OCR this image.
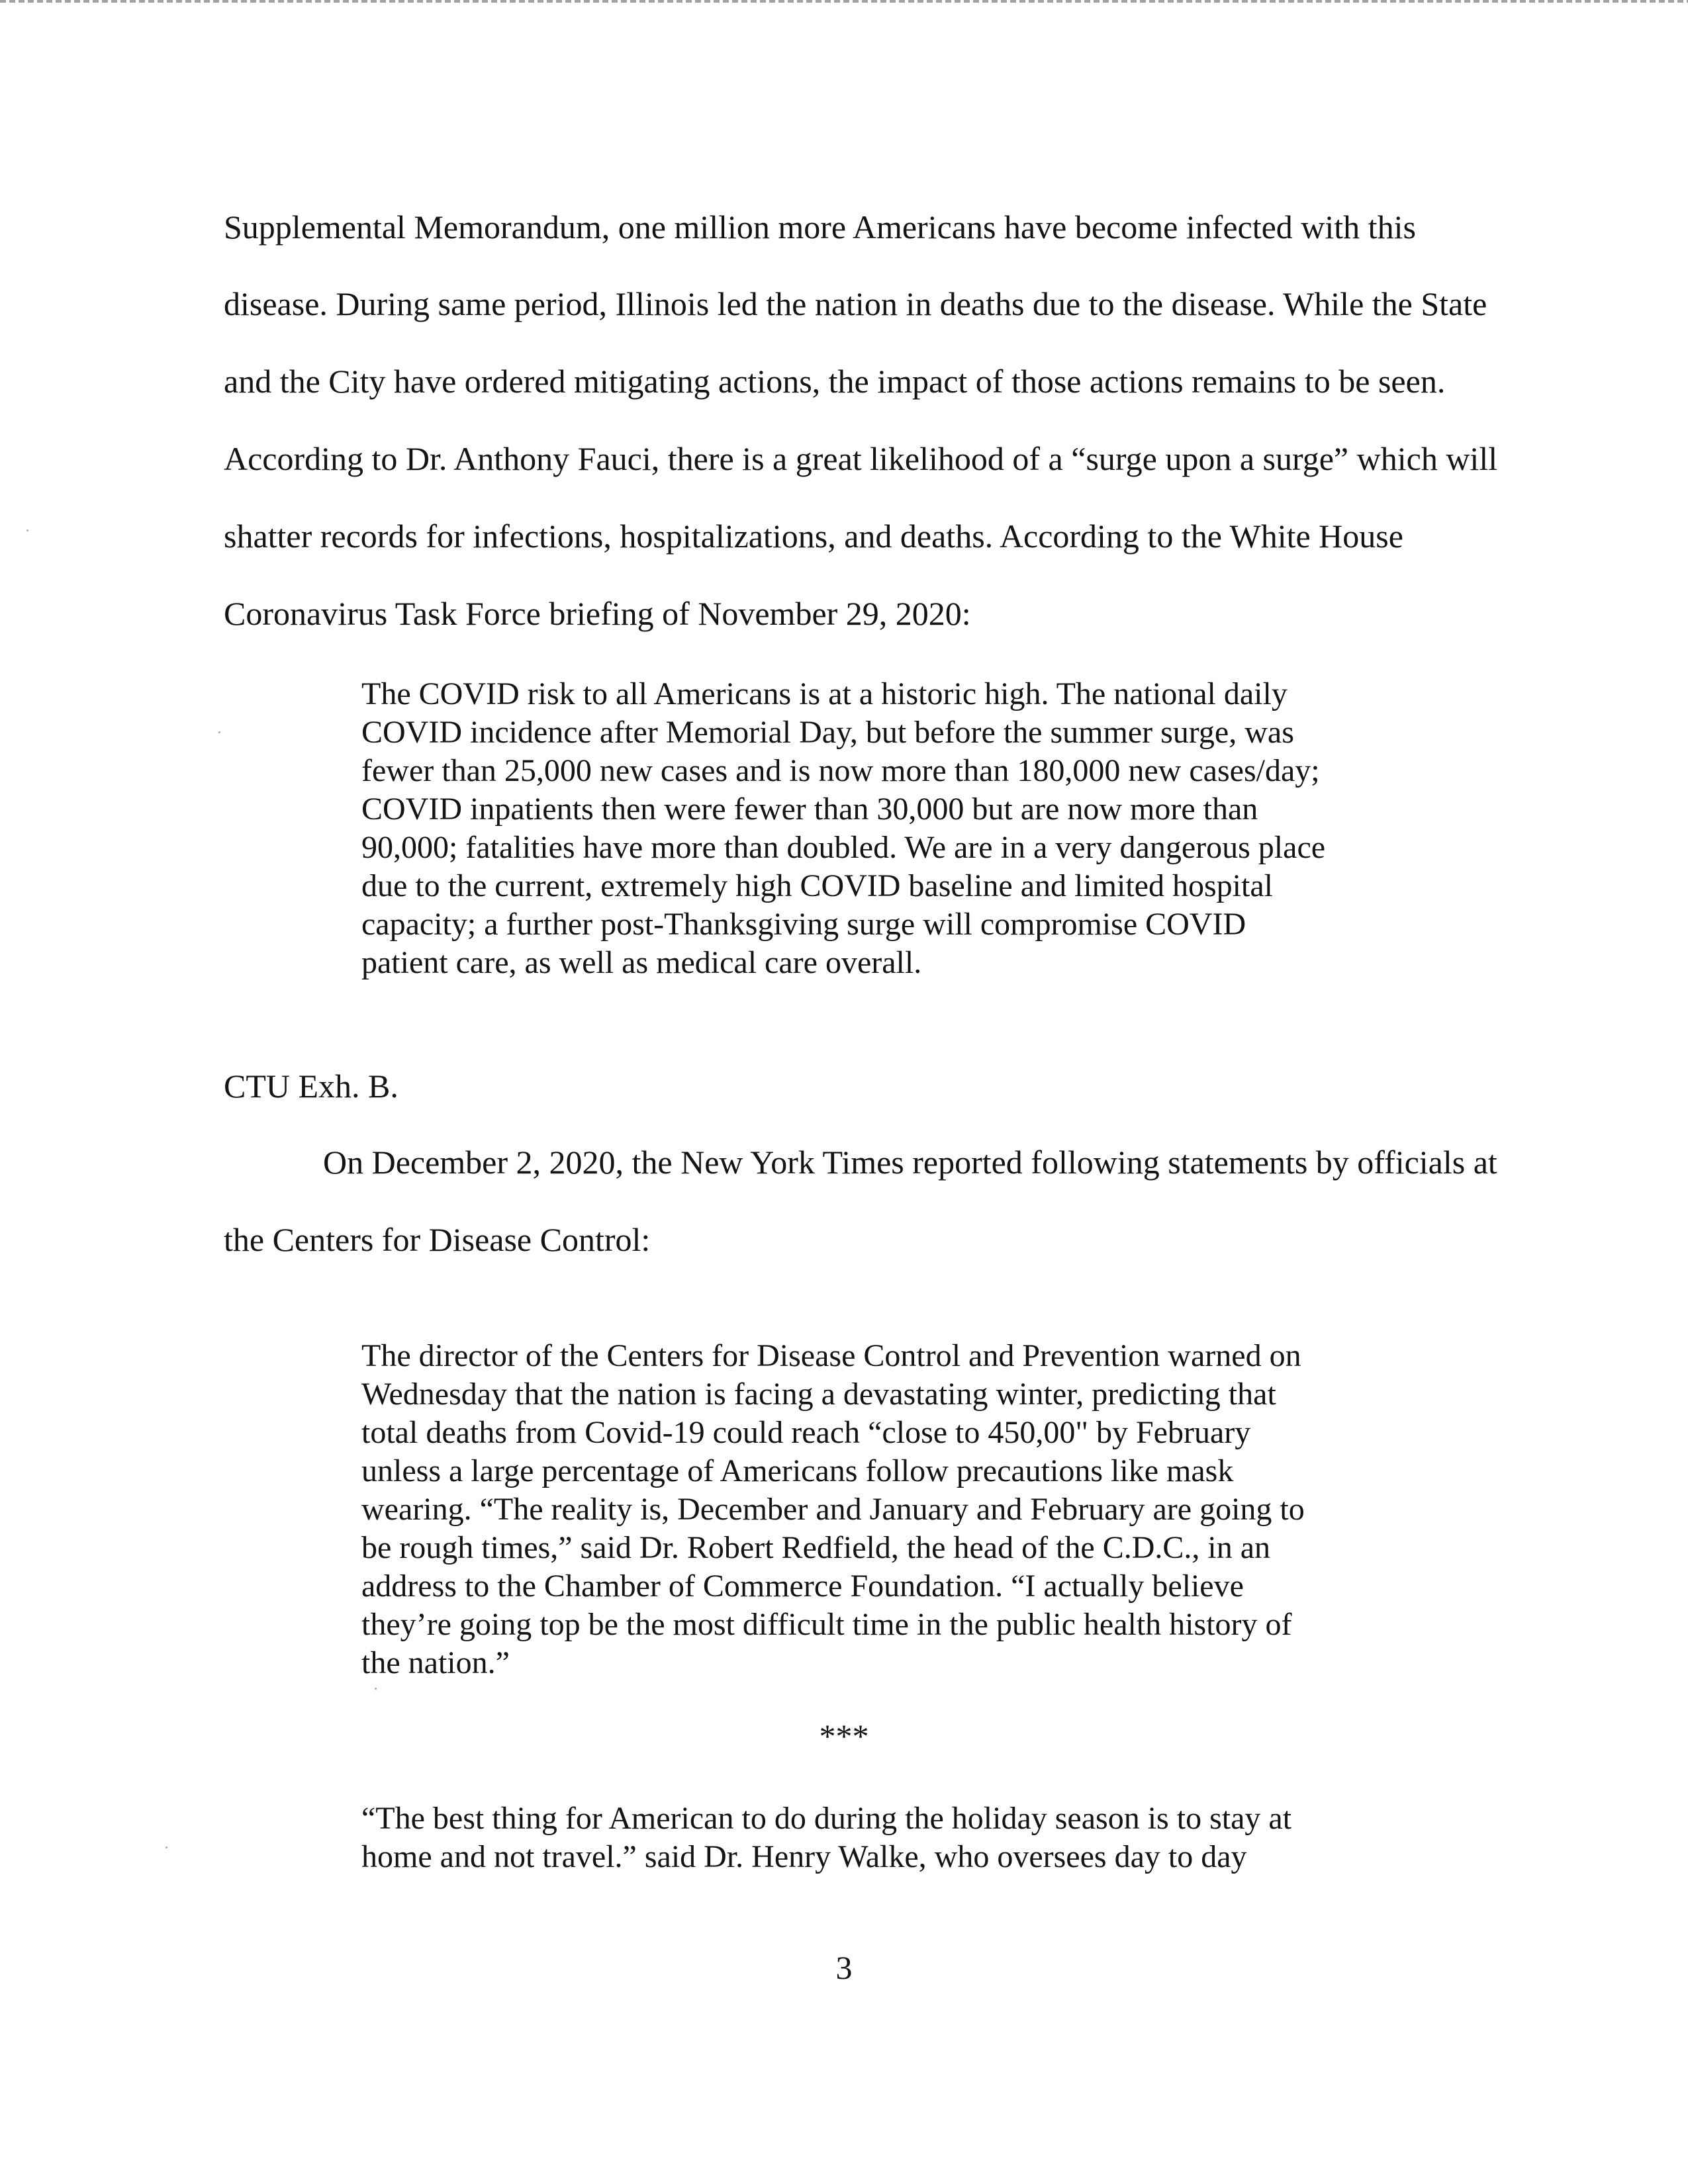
Supplemental Memorandum, one million more Americans have become infected with this
disease. During same period, Illinois led the nation in deaths due to the disease. While the State
and the City have ordered mitigating actions, the impact of those actions remains to be seen.
According to Dr. Anthony Fauci, there is a great likelihood of a “surge upon a surge” which will
shatter records for infections, hospitalizations, and deaths. According to the White House
Coronavirus Task Force briefing of November 29, 2020:
The COVID risk to all Americans is at a historic high. The national daily
COVID incidence after Memorial Day, but before the summer surge, was
fewer than 25,000 new cases and is now more than 180,000 new cases/day;
COVID inpatients then were fewer than 30,000 but are now more than
90,000; fatalities have more than doubled. We are in a very dangerous place
due to the current, extremely high COVID baseline and limited hospital
capacity; a further post-Thanksgiving surge will compromise COVID
patient care, as well as medical care overall.
CTU Exh. B.
On December 2, 2020, the New York Times reported following statements by officials at
the Centers for Disease Control:
The director of the Centers for Disease Control and Prevention warned on
Wednesday that the nation is facing a devastating winter, predicting that
total deaths from Covid-19 could reach “close to 450,00" by February
unless a large percentage of Americans follow precautions like mask
wearing. “The reality is, December and January and February are going to
be rough times,” said Dr. Robert Redfield, the head of the C.D.C., in an
address to the Chamber of Commerce Foundation. “I actually believe
they’re going top be the most difficult time in the public health history of
the nation.”
***
“The best thing for American to do during the holiday season is to stay at
home and not travel.” said Dr. Henry Walke, who oversees day to day
3
